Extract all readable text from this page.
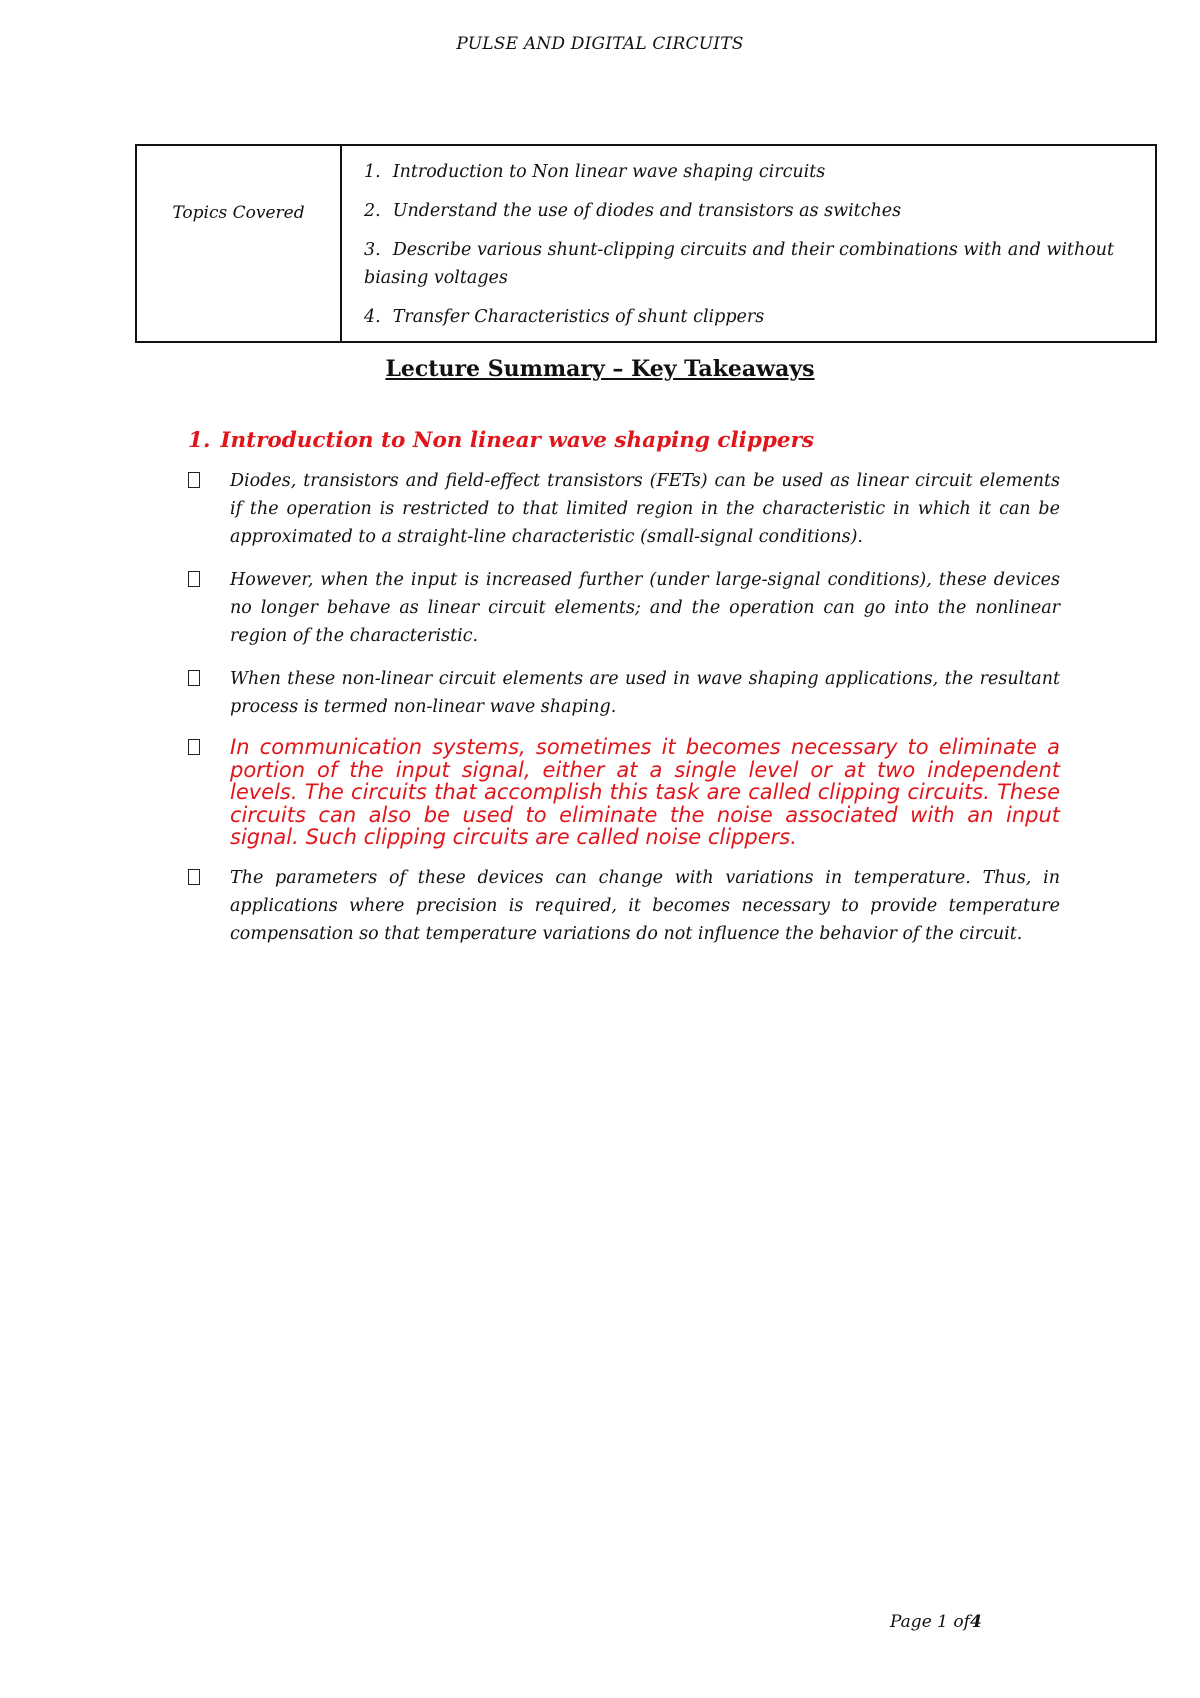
PULSE AND DIGITAL CIRCUITS
Topics Covered
1. Introduction to Non linear wave shaping circuits
2. Understand the use of diodes and transistors as switches
3. Describe various shunt-clipping circuits and their combinations with and without biasing voltages
4. Transfer Characteristics of shunt clippers
Lecture Summary – Key Takeaways
1. Introduction to Non linear wave shaping clippers
Diodes, transistors and field-effect transistors (FETs) can be used as linear circuit elements if the operation is restricted to that limited region in the characteristic in which it can be approximated to a straight-line characteristic (small-signal conditions).
However, when the input is increased further (under large-signal conditions), these devices no longer behave as linear circuit elements; and the operation can go into the nonlinear region of the characteristic.
When these non-linear circuit elements are used in wave shaping applications, the resultant process is termed non-linear wave shaping.
In communication systems, sometimes it becomes necessary to eliminate a portion of the input signal, either at a single level or at two independent levels. The circuits that accomplish this task are called clipping circuits. These circuits can also be used to eliminate the noise associated with an input signal. Such clipping circuits are called noise clippers.
The parameters of these devices can change with variations in temperature. Thus, in applications where precision is required, it becomes necessary to provide temperature compensation so that temperature variations do not influence the behavior of the circuit.
Page 1 of4
